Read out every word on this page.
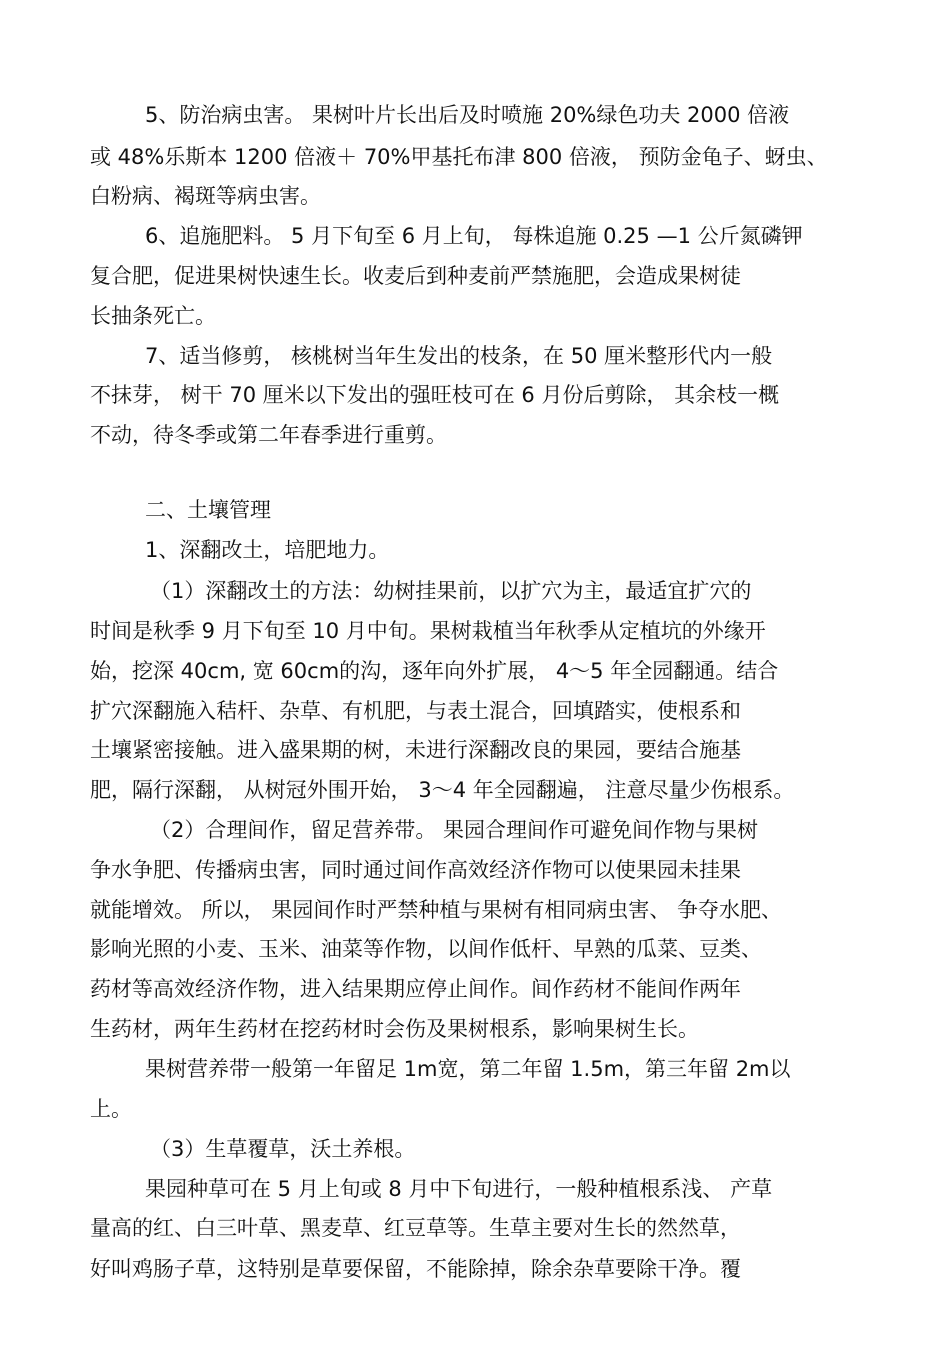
5、防治病虫害。 果树叶片长出后及时喷施 20%绿色功夫 2000 倍液
或 48%乐斯本 1200 倍液＋ 70%甲基托布津 800 倍液， 预防金龟子、蚜虫、
白粉病、褐斑等病虫害。
6、追施肥料。 5 月下旬至 6 月上旬， 每株追施 0.25 —1 公斤氮磷钾
复合肥，促进果树快速生长。收麦后到种麦前严禁施肥，会造成果树徒
长抽条死亡。
7、适当修剪， 核桃树当年生发出的枝条，在 50 厘米整形代内一般
不抹芽， 树干 70 厘米以下发出的强旺枝可在 6 月份后剪除， 其余枝一概
不动，待冬季或第二年春季进行重剪。
二、土壤管理
1、深翻改土，培肥地力。
（1）深翻改土的方法：幼树挂果前，以扩穴为主，最适宜扩穴的
时间是秋季 9 月下旬至 10 月中旬。果树栽植当年秋季从定植坑的外缘开
始，挖深 40cm, 宽 60cm的沟，逐年向外扩展， 4～5 年全园翻通。结合
扩穴深翻施入秸杆、杂草、有机肥，与表土混合，回填踏实，使根系和
土壤紧密接触。进入盛果期的树，未进行深翻改良的果园，要结合施基
肥，隔行深翻， 从树冠外围开始， 3～4 年全园翻遍， 注意尽量少伤根系。
（2）合理间作，留足营养带。 果园合理间作可避免间作物与果树
争水争肥、传播病虫害，同时通过间作高效经济作物可以使果园未挂果
就能增效。 所以， 果园间作时严禁种植与果树有相同病虫害、 争夺水肥、
影响光照的小麦、玉米、油菜等作物，以间作低杆、早熟的瓜菜、豆类、
药材等高效经济作物，进入结果期应停止间作。间作药材不能间作两年
生药材，两年生药材在挖药材时会伤及果树根系，影响果树生长。
果树营养带一般第一年留足 1m宽，第二年留 1.5m，第三年留 2m以
上。
（3）生草覆草，沃土养根。
果园种草可在 5 月上旬或 8 月中下旬进行，一般种植根系浅、 产草
量高的红、白三叶草、黑麦草、红豆草等。生草主要对生长的然然草，
好叫鸡肠子草，这特别是草要保留，不能除掉，除余杂草要除干净。覆
